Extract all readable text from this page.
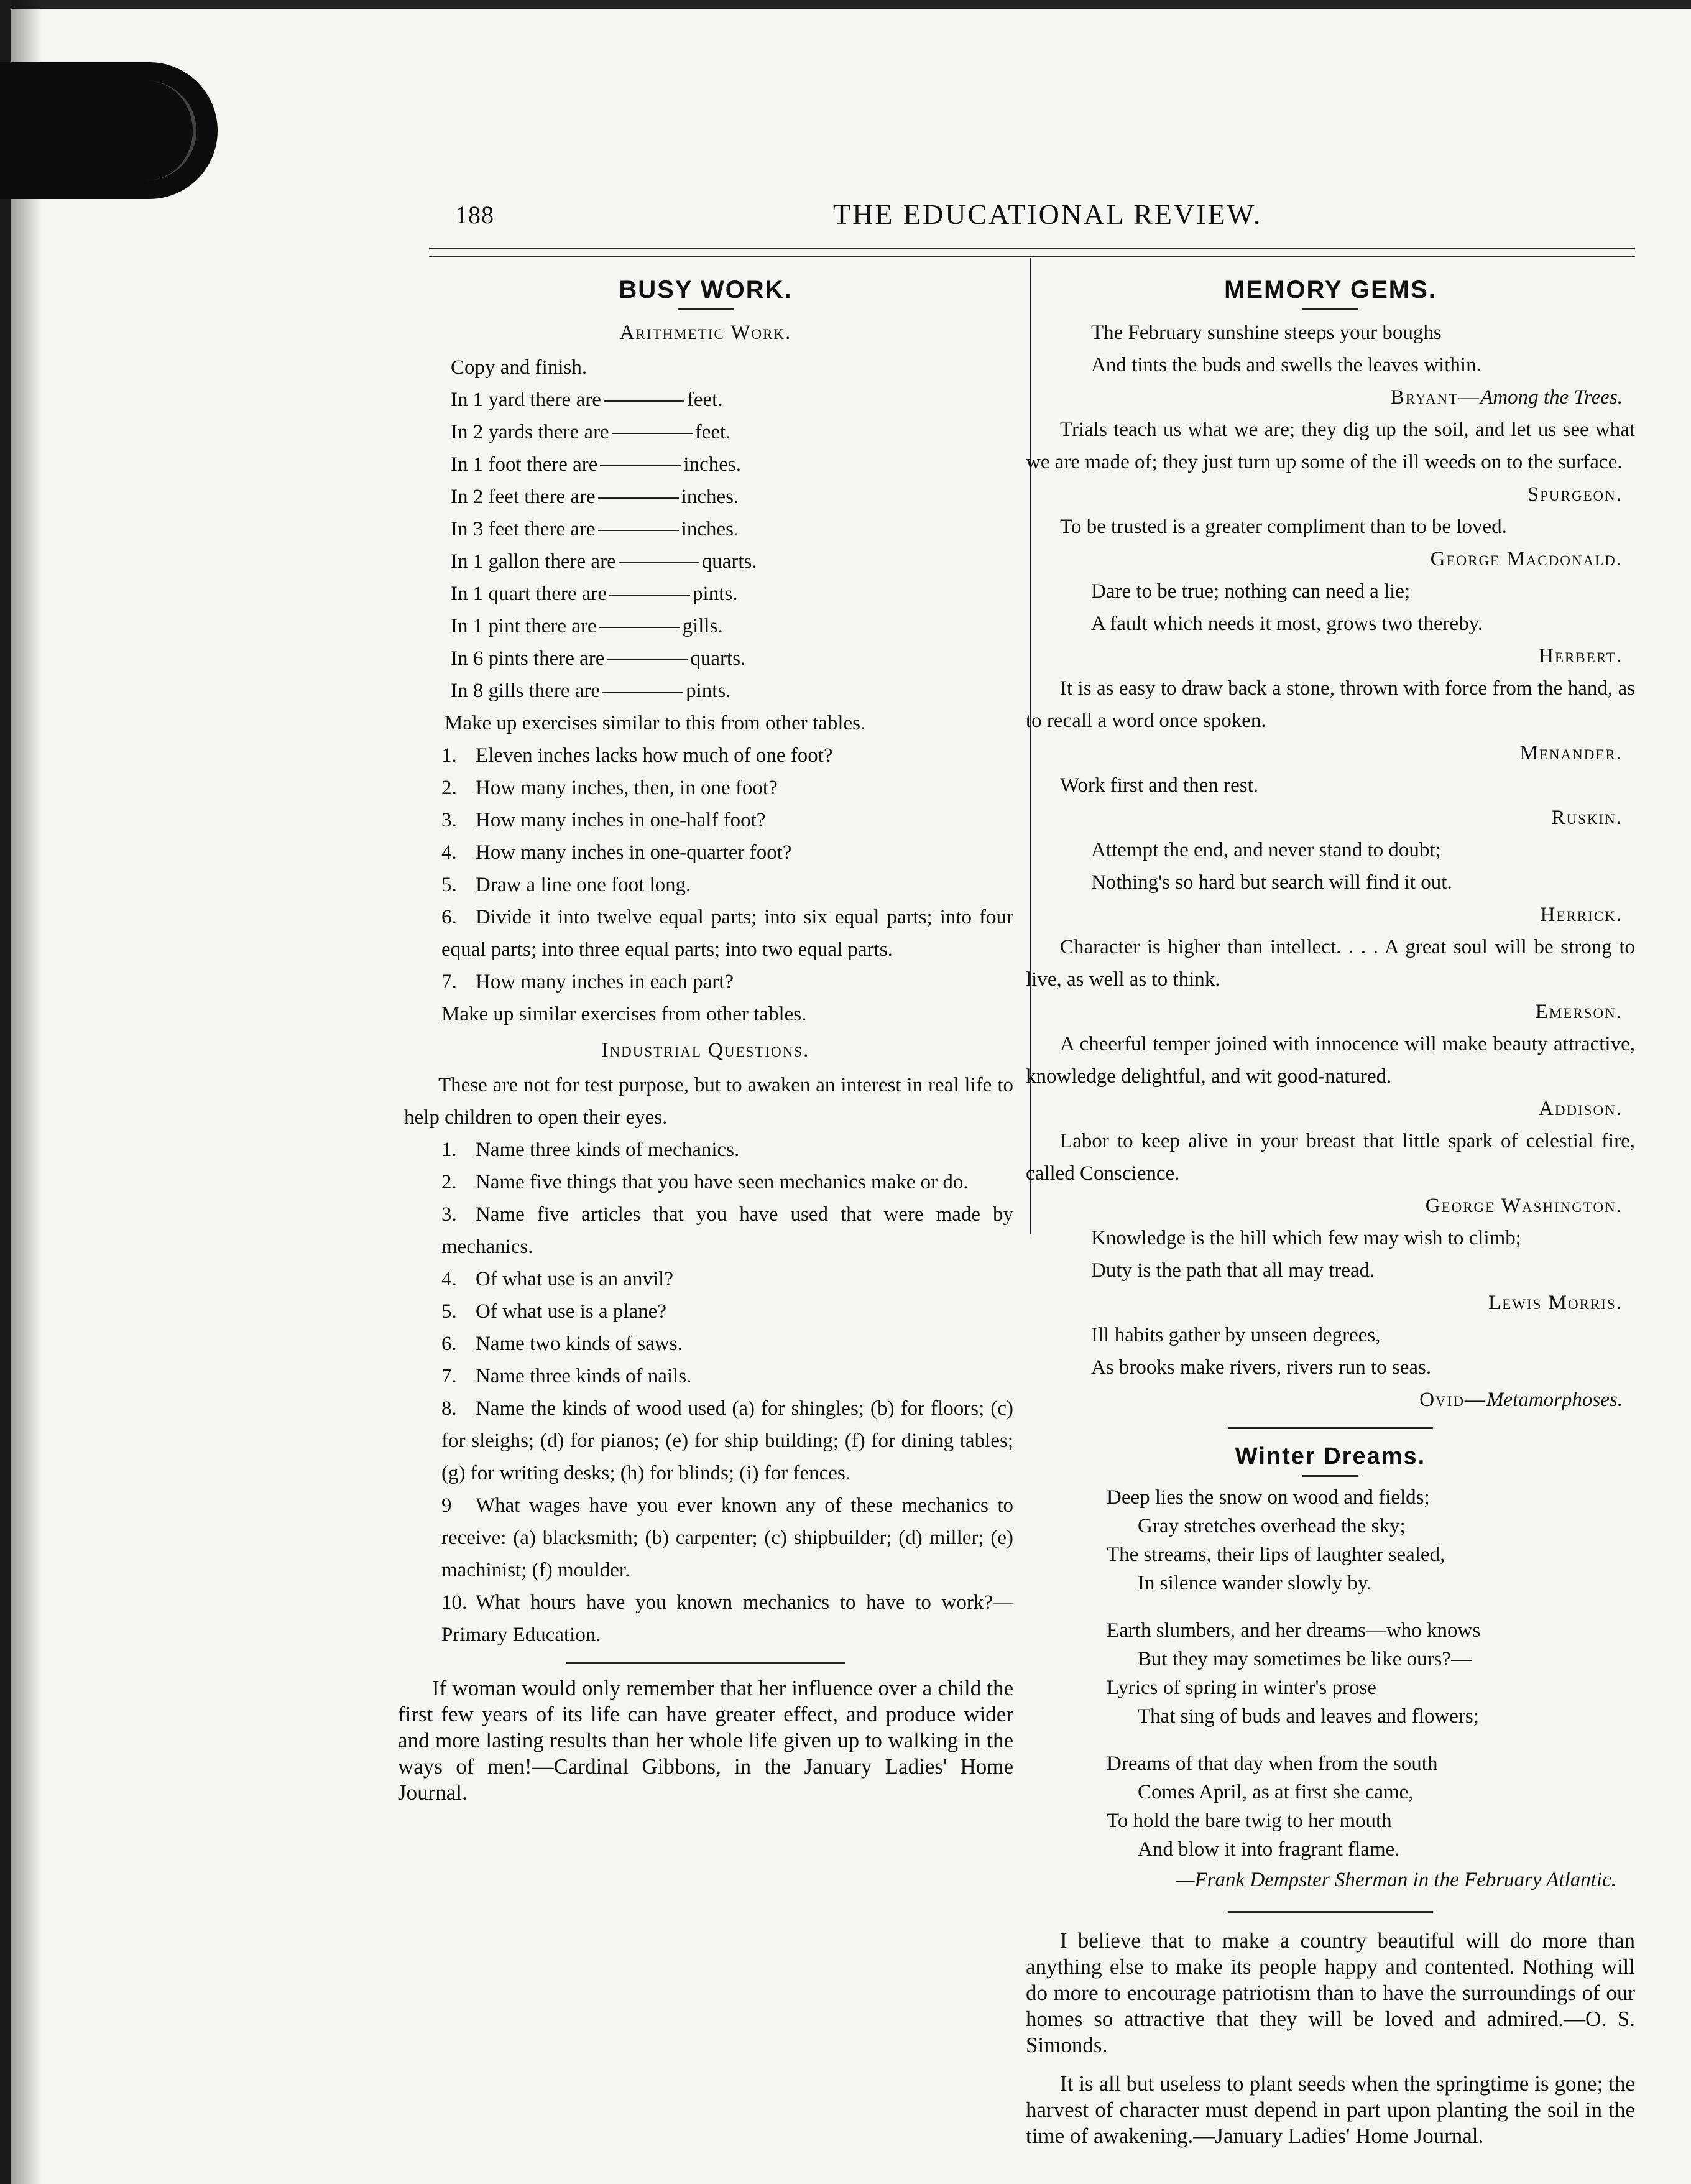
188	THE EDUCATIONAL REVIEW.
BUSY WORK.
Arithmetic Work.
Copy and finish.
In 1 yard there are	feet.
In 2 yards there are	feet.
In 1 foot there are	inches.
In 2 feet there are	inches.
In 3 feet there are	inches.
In 1 gallon there are	quarts.
In 1 quart there are	pints.
In 1 pint there are	gills.
In 6 pints there are	quarts.
In 8 gills there are	pints.
Make up exercises similar to this from other tables.
1. Eleven inches lacks how much of one foot?
2. How many inches, then, in one foot?
3. How many inches in one-half foot?
4. How many inches in one-quarter foot?
5. Draw a line one foot long.
6. Divide it into twelve equal parts; into six equal parts; into four equal parts; into three equal parts; into two equal parts.
7. How many inches in each part?
Make up similar exercises from other tables.
Industrial Questions.
These are not for test purpose, but to awaken an interest in real life to help children to open their eyes.
1. Name three kinds of mechanics.
2. Name five things that you have seen mechanics make or do.
3. Name five articles that you have used that were made by mechanics.
4. Of what use is an anvil?
5. Of what use is a plane?
6. Name two kinds of saws.
7. Name three kinds of nails.
8. Name the kinds of wood used (a) for shingles; (b) for floors; (c) for sleighs; (d) for pianos; (e) for ship building; (f) for dining tables; (g) for writing desks; (h) for blinds; (i) for fences.
9 What wages have you ever known any of these mechanics to receive: (a) blacksmith; (b) carpenter; (c) shipbuilder; (d) miller; (e) machinist; (f) moulder.
10. What hours have you known mechanics to have to work?—Primary Education.
If woman would only remember that her influence over a child the first few years of its life can have greater effect, and produce wider and more lasting results than her whole life given up to walking in the ways of men!—Cardinal Gibbons, in the January Ladies' Home Journal.
MEMORY GEMS.
The February sunshine steeps your boughs
And tints the buds and swells the leaves within.
Bryant—Among the Trees.
Trials teach us what we are; they dig up the soil, and let us see what we are made of; they just turn up some of the ill weeds on to the surface.
Spurgeon.
To be trusted is a greater compliment than to be loved.
George Macdonald.
Dare to be true; nothing can need a lie;
A fault which needs it most, grows two thereby.
Herbert.
It is as easy to draw back a stone, thrown with force from the hand, as to recall a word once spoken.
Menander.
Work first and then rest.
Ruskin.
Attempt the end, and never stand to doubt;
Nothing's so hard but search will find it out.
Herrick.
Character is higher than intellect. . . . A great soul will be strong to live, as well as to think.
Emerson.
A cheerful temper joined with innocence will make beauty attractive, knowledge delightful, and wit good-natured.
Addison.
Labor to keep alive in your breast that little spark of celestial fire, called Conscience.
George Washington.
Knowledge is the hill which few may wish to climb;
Duty is the path that all may tread.
Lewis Morris.
Ill habits gather by unseen degrees,
As brooks make rivers, rivers run to seas.
Ovid—Metamorphoses.
Winter Dreams.
Deep lies the snow on wood and fields;
Gray stretches overhead the sky;
The streams, their lips of laughter sealed,
In silence wander slowly by.
Earth slumbers, and her dreams—who knows
But they may sometimes be like ours?—
Lyrics of spring in winter's prose
That sing of buds and leaves and flowers;
Dreams of that day when from the south
Comes April, as at first she came,
To hold the bare twig to her mouth
And blow it into fragrant flame.
—Frank Dempster Sherman in the February Atlantic.
I believe that to make a country beautiful will do more than anything else to make its people happy and contented. Nothing will do more to encourage patriotism than to have the surroundings of our homes so attractive that they will be loved and admired.—O. S. Simonds.
It is all but useless to plant seeds when the springtime is gone; the harvest of character must depend in part upon planting the soil in the time of awakening.—January Ladies' Home Journal.
